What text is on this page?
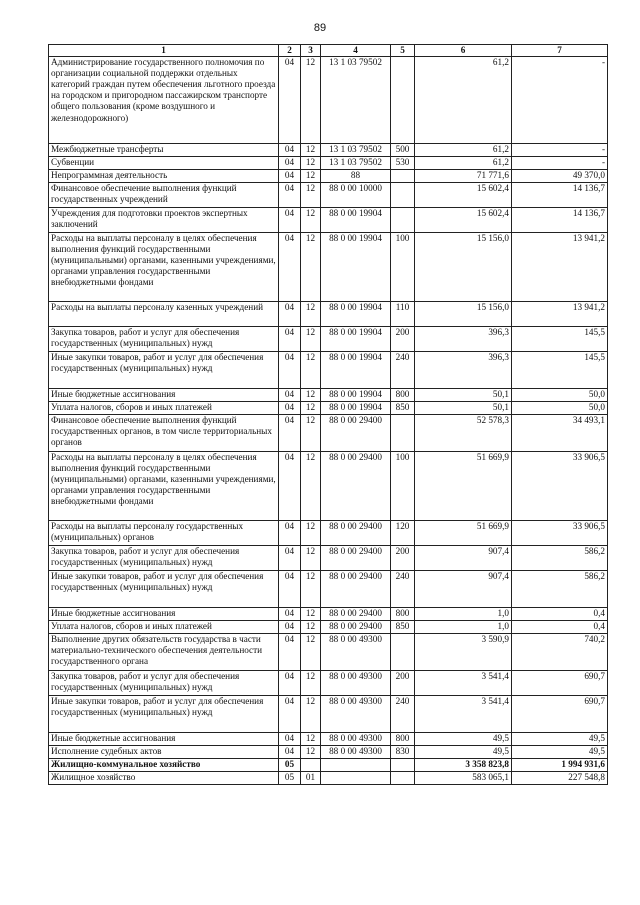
89
1	2	3	4	5	6	7
Администрирование государственного полномочия по организации социальной поддержки отдельных категорий граждан путем обеспечения льготного проезда на городском и пригородном пассажирском транспорте общего пользования (кроме воздушного и железнодорожного)	04	12	13 1 03 79502		61,2	-
Межбюджетные трансферты	04	12	13 1 03 79502	500	61,2	-
Субвенции	04	12	13 1 03 79502	530	61,2	-
Непрограммная деятельность	04	12	88		71 771,6	49 370,0
Финансовое обеспечение выполнения функций государственных учреждений	04	12	88 0 00 10000		15 602,4	14 136,7
Учреждения для подготовки проектов экспертных заключений	04	12	88 0 00 19904		15 602,4	14 136,7
Расходы на выплаты персоналу в целях обеспечения выполнения функций государственными (муниципальными) органами, казенными учреждениями, органами управления государственными внебюджетными фондами	04	12	88 0 00 19904	100	15 156,0	13 941,2
Расходы на выплаты персоналу казенных учреждений	04	12	88 0 00 19904	110	15 156,0	13 941,2
Закупка товаров, работ и услуг для обеспечения государственных (муниципальных) нужд	04	12	88 0 00 19904	200	396,3	145,5
Иные закупки товаров, работ и услуг для обеспечения государственных (муниципальных) нужд	04	12	88 0 00 19904	240	396,3	145,5
Иные бюджетные ассигнования	04	12	88 0 00 19904	800	50,1	50,0
Уплата налогов, сборов и иных платежей	04	12	88 0 00 19904	850	50,1	50,0
Финансовое обеспечение выполнения функций государственных органов, в том числе территориальных органов	04	12	88 0 00 29400		52 578,3	34 493,1
Расходы на выплаты персоналу в целях обеспечения выполнения функций государственными (муниципальными) органами, казенными учреждениями, органами управления государственными внебюджетными фондами	04	12	88 0 00 29400	100	51 669,9	33 906,5
Расходы на выплаты персоналу государственных (муниципальных) органов	04	12	88 0 00 29400	120	51 669,9	33 906,5
Закупка товаров, работ и услуг для обеспечения государственных (муниципальных) нужд	04	12	88 0 00 29400	200	907,4	586,2
Иные закупки товаров, работ и услуг для обеспечения государственных (муниципальных) нужд	04	12	88 0 00 29400	240	907,4	586,2
Иные бюджетные ассигнования	04	12	88 0 00 29400	800	1,0	0,4
Уплата налогов, сборов и иных платежей	04	12	88 0 00 29400	850	1,0	0,4
Выполнение других обязательств государства в части материально-технического обеспечения деятельности государственного органа	04	12	88 0 00 49300		3 590,9	740,2
Закупка товаров, работ и услуг для обеспечения государственных (муниципальных) нужд	04	12	88 0 00 49300	200	3 541,4	690,7
Иные закупки товаров, работ и услуг для обеспечения государственных (муниципальных) нужд	04	12	88 0 00 49300	240	3 541,4	690,7
Иные бюджетные ассигнования	04	12	88 0 00 49300	800	49,5	49,5
Исполнение судебных актов	04	12	88 0 00 49300	830	49,5	49,5
Жилищно-коммунальное хозяйство	05				3 358 823,8	1 994 931,6
Жилищное хозяйство	05	01			583 065,1	227 548,8
